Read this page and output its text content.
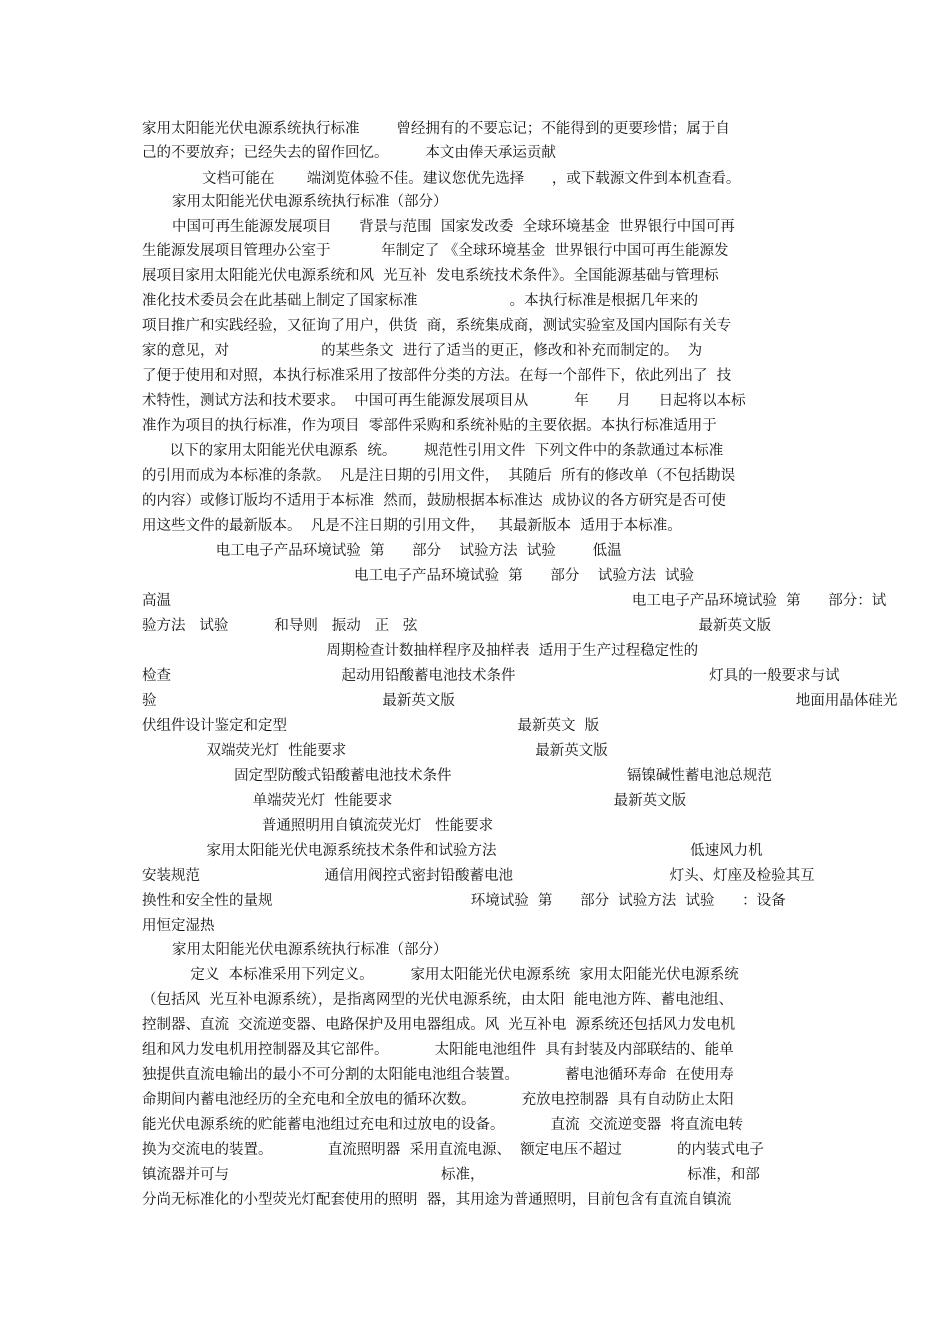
家用太阳能光伏电源系统执行标准        曾经拥有的不要忘记；不能得到的更要珍惜；属于自
己的不要放弃；已经失去的留作回忆。        本文由俸天承运贡献
文档可能在       端浏览体验不佳。建议您优先选择      ，或下载源文件到本机查看。
家用太阳能光伏电源系统执行标准（部分）
中国可再生能源发展项目      背景与范围  国家发改委  全球环境基金  世界银行中国可再
生能源发展项目管理办公室于           年制定了 《全球环境基金  世界银行中国可再生能源发
展项目家用太阳能光伏电源系统和风  光互补  发电系统技术条件》。全国能源基础与管理标
准化技术委员会在此基础上制定了国家标准                    。本执行标准是根据几年来的
项目推广和实践经验，又征询了用户，供货  商，系统集成商，测试实验室及国内国际有关专
家的意见，对                    的某些条文  进行了适当的更正，修改和补充而制定的。  为
了便于使用和对照，本执行标准采用了按部件分类的方法。在每一个部件下，依此列出了  技
术特性，测试方法和技术要求。  中国可再生能源发展项目从          年      月      日起将以本标
准作为项目的执行标准，作为项目  零部件采购和系统补贴的主要依据。本执行标准适用于
以下的家用太阳能光伏电源系  统。      规范性引用文件  下列文件中的条款通过本标准
的引用而成为本标准的条款。  凡是注日期的引用文件，  其随后  所有的修改单（不包括勘误
的内容）或修订版均不适用于本标准  然而，鼓励根据本标准达  成协议的各方研究是否可使
用这些文件的最新版本。  凡是不注日期的引用文件，   其最新版本  适用于本标准。
电工电子产品环境试验  第      部分    试验方法  试验        低温
电工电子产品环境试验  第      部分    试验方法  试验
高温                                                                                                    电工电子产品环境试验  第      部分：试
验方法   试验          和导则   振动   正   弦                                                             最新英文版
周期检查计数抽样程序及抽样表  适用于生产过程稳定性的
检查                                     起动用铅酸蓄电池技术条件                                          灯具的一般要求与试
验                                                 最新英文版                                                                          地面用晶体硅光
伏组件设计鉴定和定型                                                  最新英文  版
双端荧光灯  性能要求                                         最新英文版
固定型防酸式铅酸蓄电池技术条件                                      镉镍碱性蓄电池总规范
单端荧光灯  性能要求                                                最新英文版
普通照明用自镇流荧光灯   性能要求
家用太阳能光伏电源系统技术条件和试验方法                                          低速风力机
安装规范                           通信用阀控式密封铅酸蓄电池                                  灯头、灯座及检验其互
换性和安全性的量规                                           环境试验  第      部分  试验方法  试验      ：设备
用恒定湿热
家用太阳能光伏电源系统执行标准（部分）
定义  本标准采用下列定义。        家用太阳能光伏电源系统  家用太阳能光伏电源系统
（包括风  光互补电源系统），是指离网型的光伏电源系统，由太阳  能电池方阵、蓄电池组、
控制器、直流  交流逆变器、电路保护及用电器组成。风  光互补电  源系统还包括风力发电机
组和风力发电机用控制器及其它部件。          太阳能电池组件  具有封装及内部联结的、能单
独提供直流电输出的最小不可分割的太阳能电池组合装置。          蓄电池循环寿命  在使用寿
命期间内蓄电池经历的全充电和全放电的循环次数。          充放电控制器  具有自动防止太阳
能光伏电源系统的贮能蓄电池组过充电和过放电的设备。          直流  交流逆变器  将直流电转
换为交流电的装置。            直流照明器  采用直流电源、  额定电压不超过            的内装式电子
镇流器并可与                                              标准，                                            标准，和部
分尚无标准化的小型荧光灯配套使用的照明  器，其用途为普通照明，目前包含有直流自镇流
